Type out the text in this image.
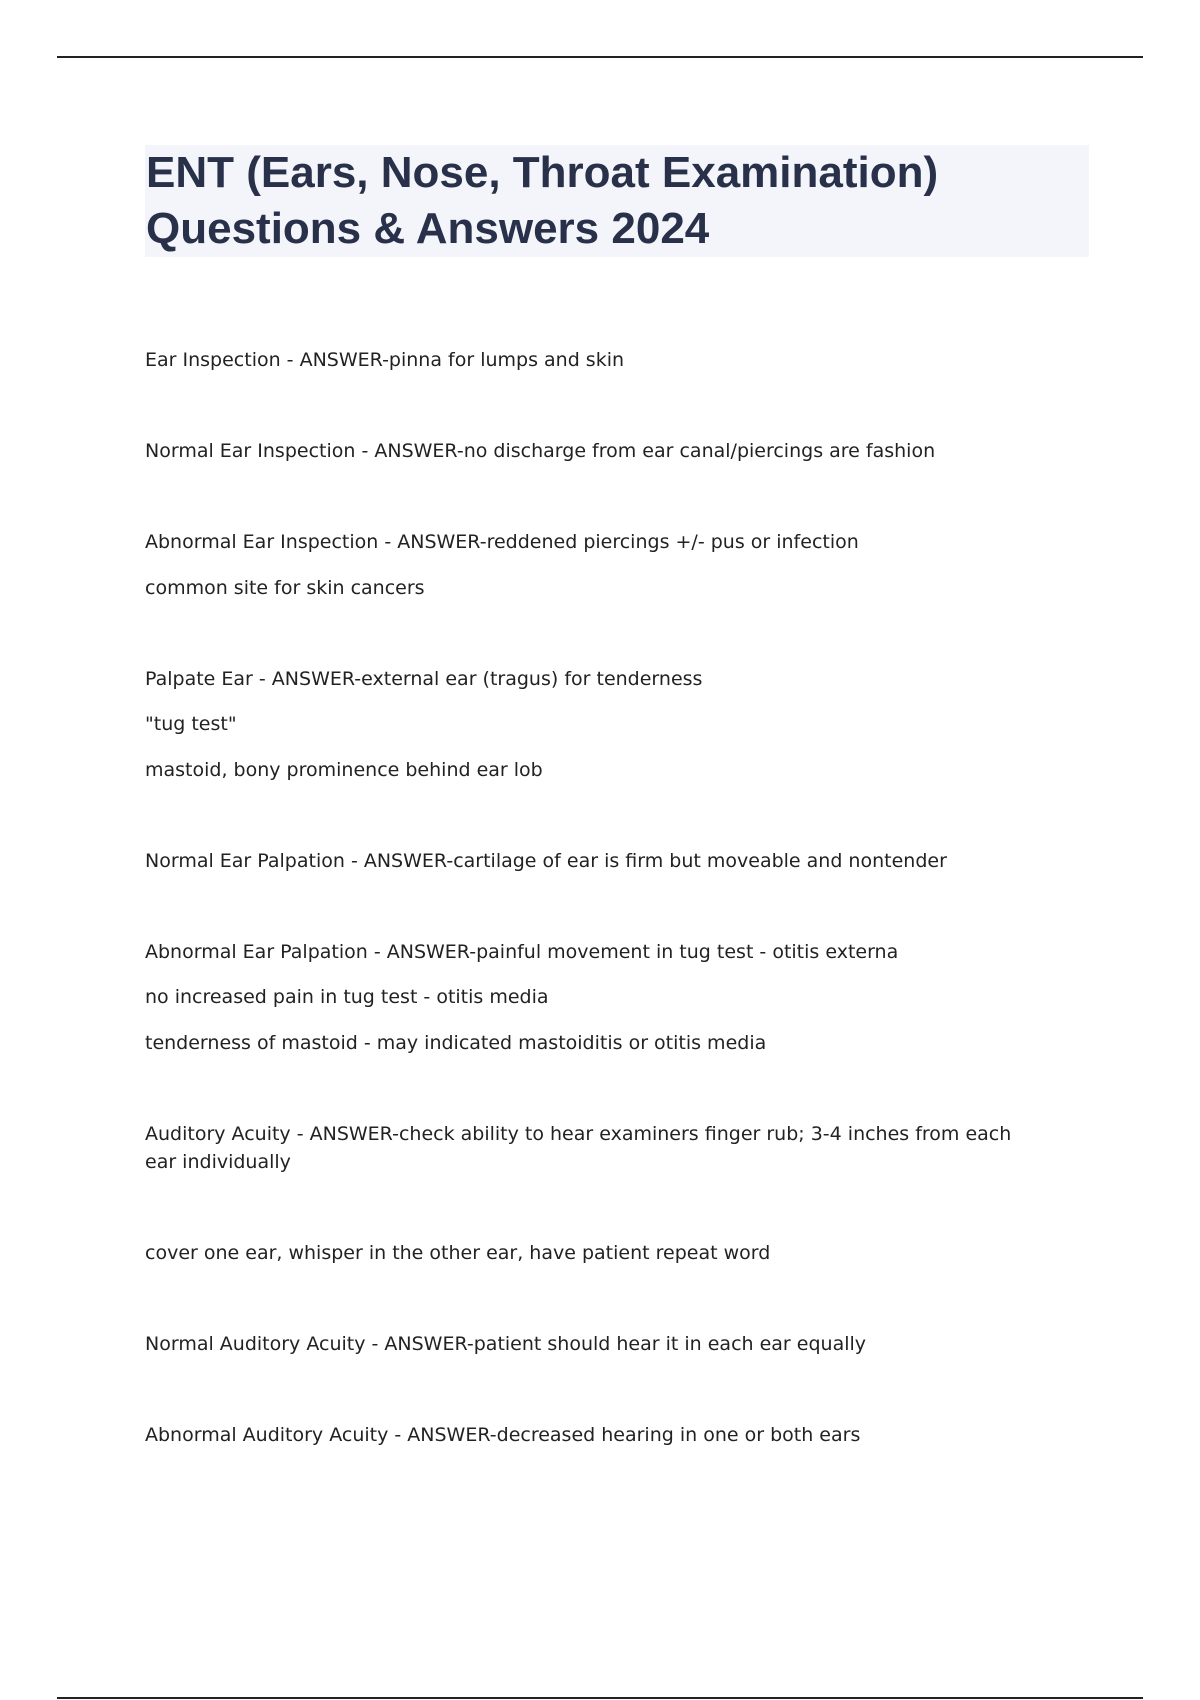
ENT (Ears, Nose, Throat Examination)
Questions & Answers 2024
Ear Inspection - ANSWER-pinna for lumps and skin
Normal Ear Inspection - ANSWER-no discharge from ear canal/piercings are fashion
Abnormal Ear Inspection - ANSWER-reddened piercings +/- pus or infection
common site for skin cancers
Palpate Ear - ANSWER-external ear (tragus) for tenderness
"tug test"
mastoid, bony prominence behind ear lob
Normal Ear Palpation - ANSWER-cartilage of ear is firm but moveable and nontender
Abnormal Ear Palpation - ANSWER-painful movement in tug test - otitis externa
no increased pain in tug test - otitis media
tenderness of mastoid - may indicated mastoiditis or otitis media
Auditory Acuity - ANSWER-check ability to hear examiners finger rub; 3-4 inches from each ear individually
cover one ear, whisper in the other ear, have patient repeat word
Normal Auditory Acuity - ANSWER-patient should hear it in each ear equally
Abnormal Auditory Acuity - ANSWER-decreased hearing in one or both ears
